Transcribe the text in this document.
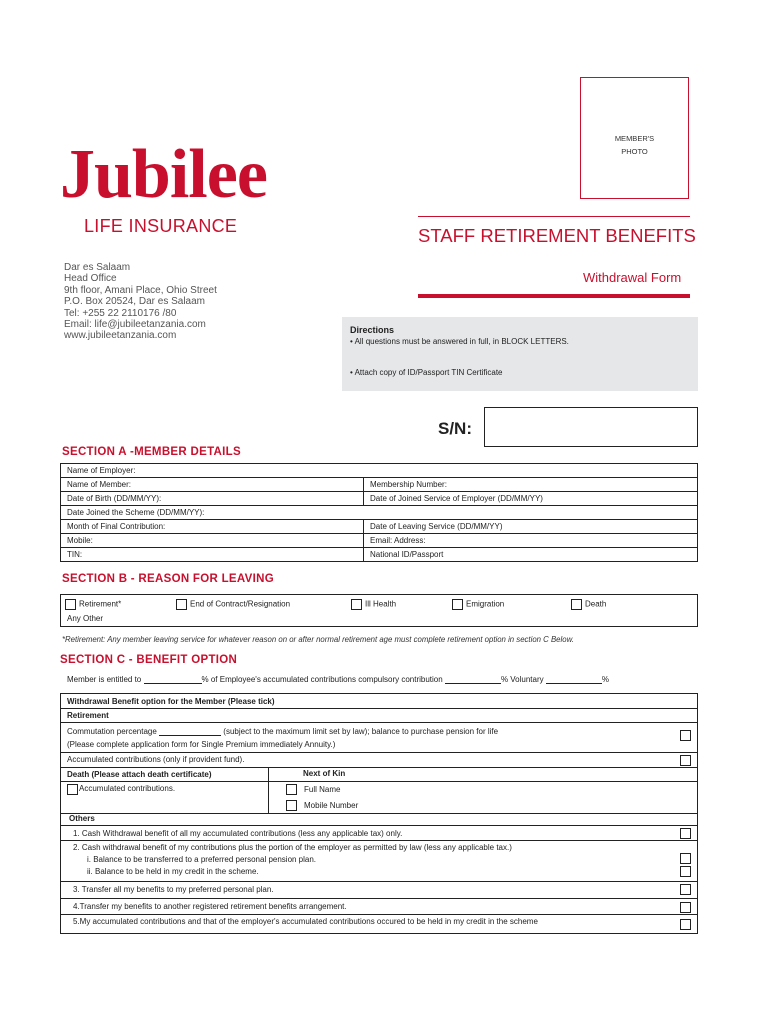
Jubilee
LIFE INSURANCE
Dar es Salaam
Head Office
9th floor, Amani Place, Ohio Street
P.O. Box 20524, Dar es Salaam
Tel: +255 22 2110176 /80
Email: life@jubileetanzania.com
www.jubileetanzania.com
MEMBER'S
PHOTO
STAFF RETIREMENT BENEFITS
Withdrawal Form
Directions
• All questions must be answered in full, in BLOCK LETTERS.
• Attach copy of ID/Passport TIN Certificate
S/N:
SECTION A -MEMBER DETAILS
Name of Employer:	
Name of Member:	Membership Number:
Date of Birth (DD/MM/YY):	Date of Joined Service of Employer (DD/MM/YY)
Date Joined the Scheme (DD/MM/YY):	
Month of Final Contribution:	Date of Leaving Service (DD/MM/YY)
Mobile:	Email: Address:
TIN:	National ID/Passport
SECTION B - REASON FOR LEAVING
Retirement*	End of Contract/Resignation	Ill Health	Emigration	Death
Any Other
*Retirement: Any member leaving service for whatever reason on or after normal retirement age must complete retirement option in section C Below.
SECTION C - BENEFIT OPTION
Member is entitled to	% of Employee's accumulated contributions compulsory contribution	% Voluntary	%
Withdrawal Benefit option for the Member (Please tick)
Retirement
Commutation percentage	(subject to the maximum limit set by law); balance to purchase pension for life
(Please complete application form for Single Premium immediately Annuity.)
Accumulated contributions (only if provident fund).
Death (Please attach death certificate)	Next of Kin
Accumulated contributions.	Full Name
Mobile Number
Others
1. Cash Withdrawal benefit of all my accumulated contributions (less any applicable tax) only.
2. Cash withdrawal benefit of my contributions plus the portion of the employer as permitted by law (less any applicable tax.)
i. Balance to be transferred to a preferred personal pension plan.
ii. Balance to be held in my credit in the scheme.
3. Transfer all my benefits to my preferred personal plan.
4.Transfer my benefits to another registered retirement benefits arrangement.
5.My accumulated contributions and that of the employer's accumulated contributions occured to be held in my credit in the scheme
